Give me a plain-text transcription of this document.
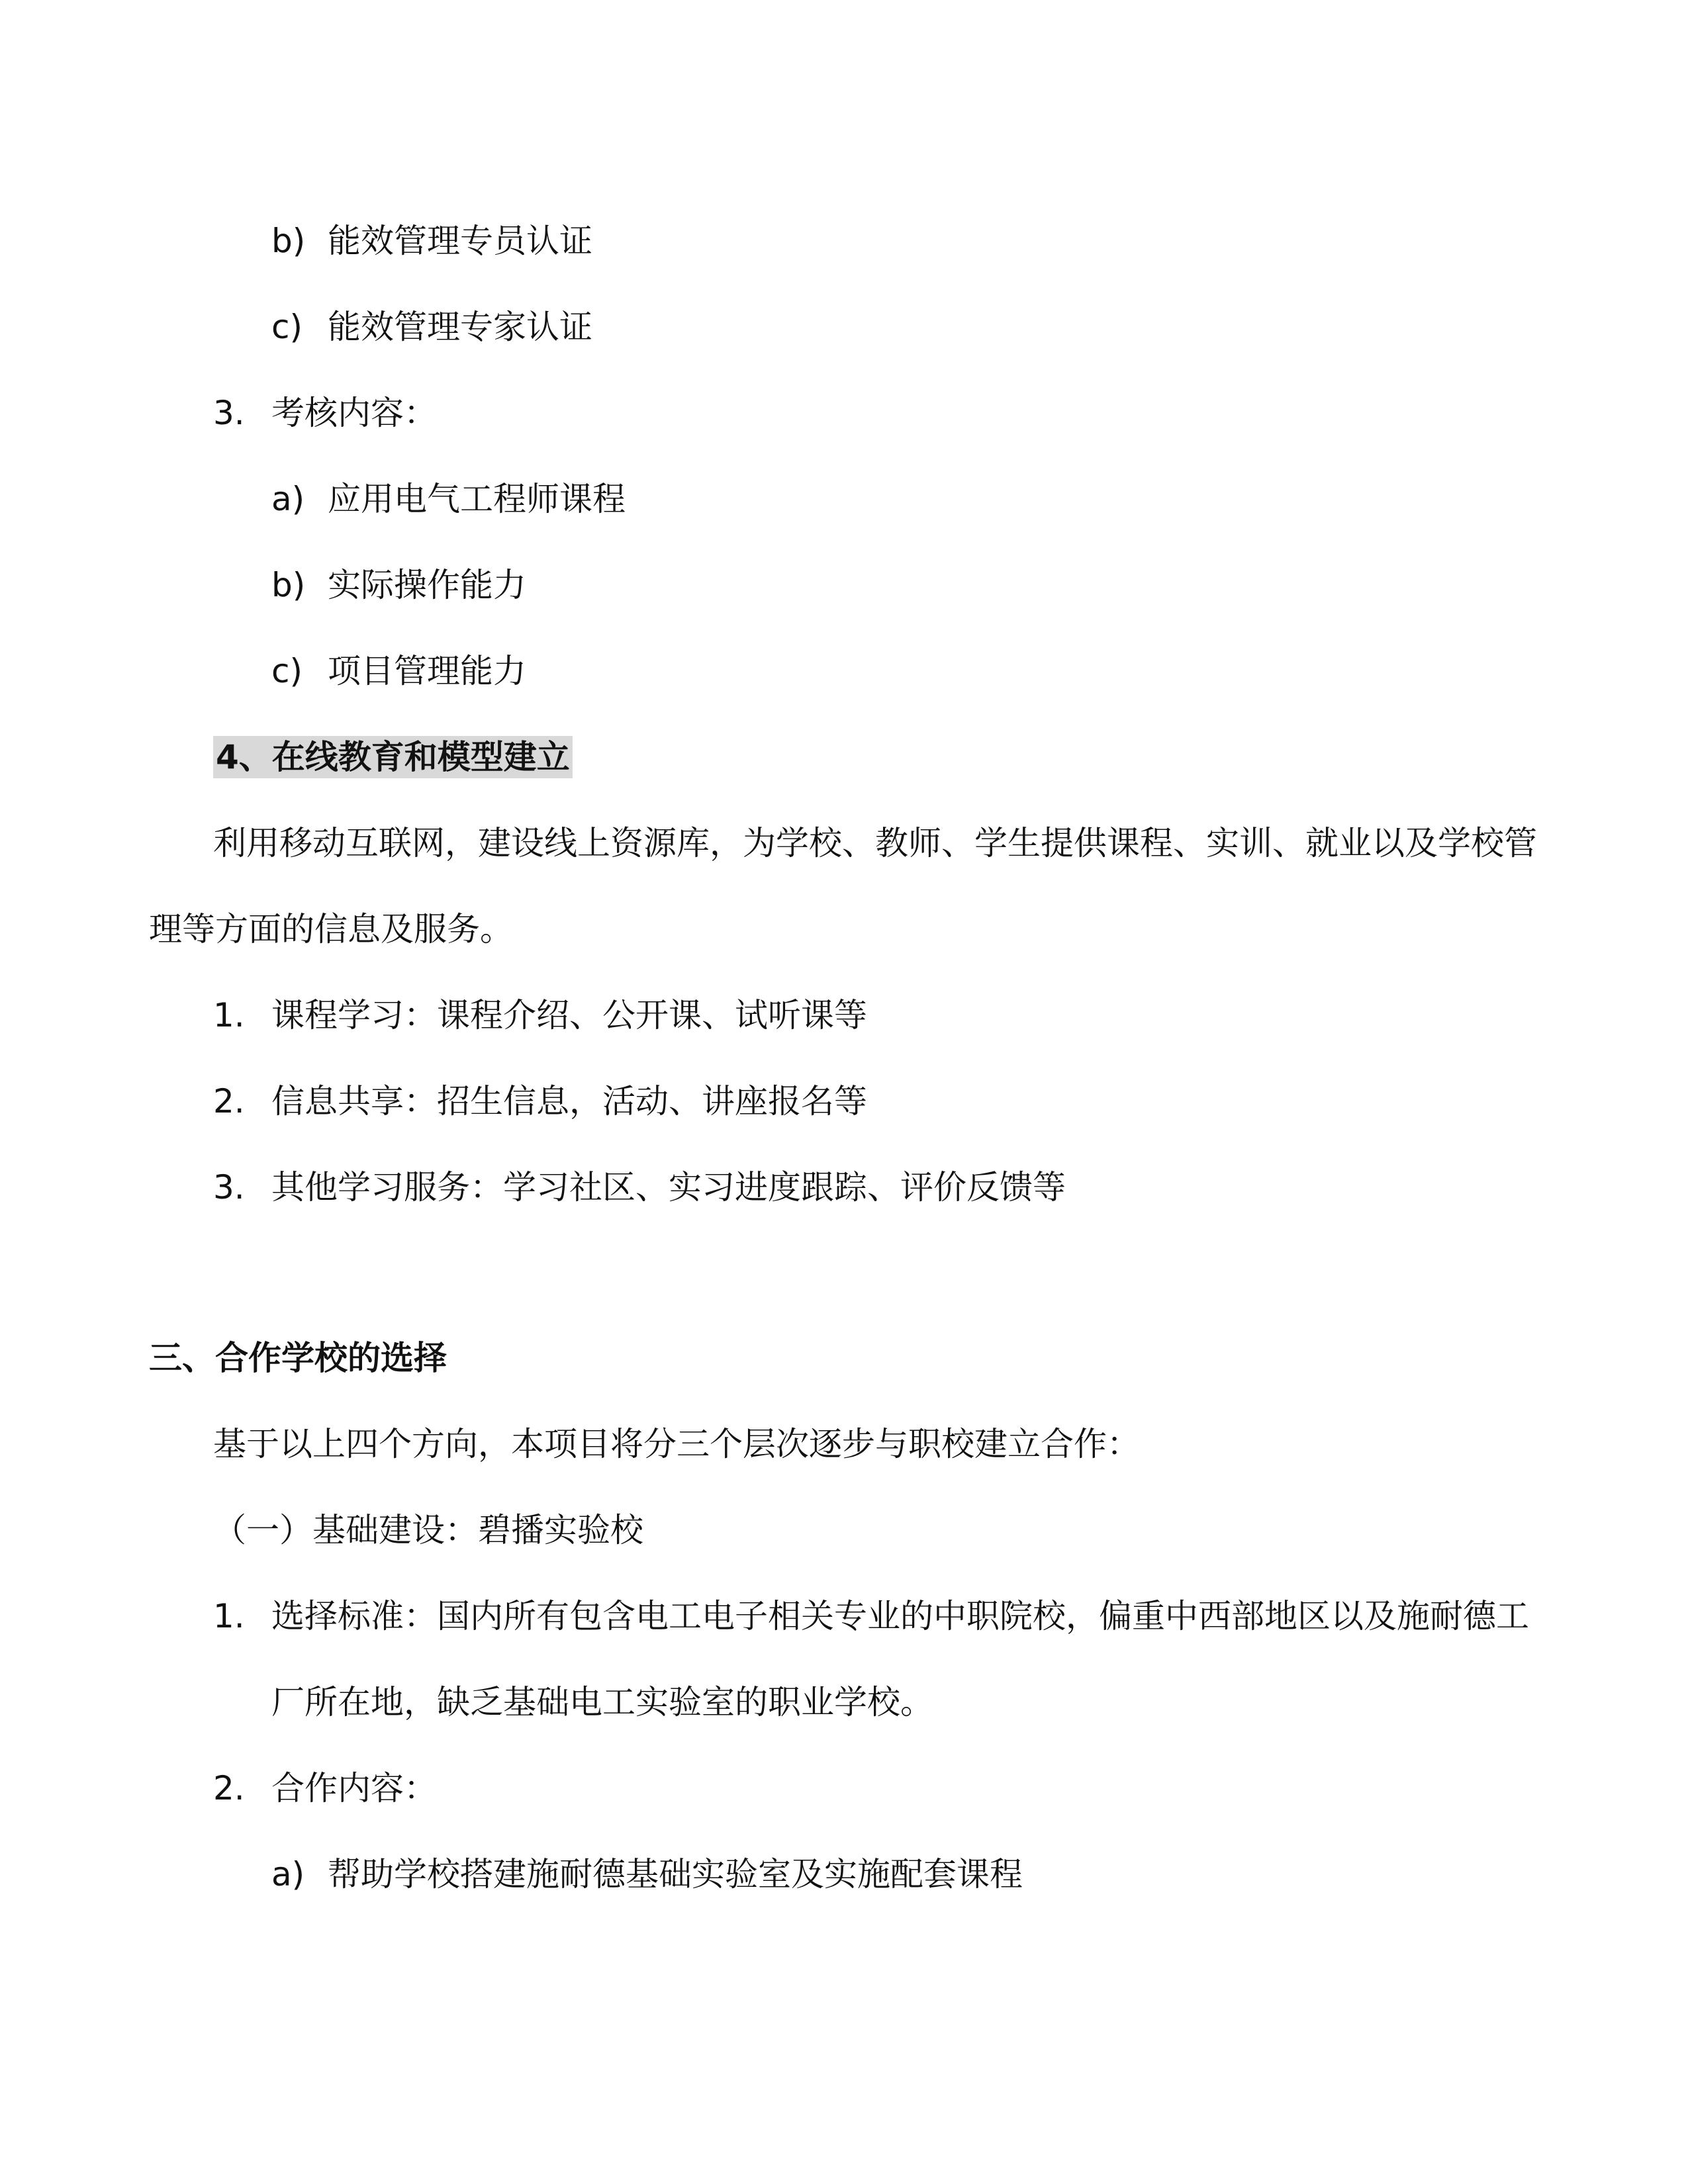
b) 能效管理专员认证
c) 能效管理专家认证
3. 考核内容：
a) 应用电气工程师课程
b) 实际操作能力
c) 项目管理能力
4、在线教育和模型建立
利用移动互联网，建设线上资源库，为学校、教师、学生提供课程、实训、就业以及学校管
理等方面的信息及服务。
1. 课程学习：课程介绍、公开课、试听课等
2. 信息共享：招生信息，活动、讲座报名等
3. 其他学习服务：学习社区、实习进度跟踪、评价反馈等
三、合作学校的选择
基于以上四个方向，本项目将分三个层次逐步与职校建立合作：
（一）基础建设：碧播实验校
1. 选择标准：国内所有包含电工电子相关专业的中职院校，偏重中西部地区以及施耐德工
厂所在地，缺乏基础电工实验室的职业学校。
2. 合作内容：
a) 帮助学校搭建施耐德基础实验室及实施配套课程
